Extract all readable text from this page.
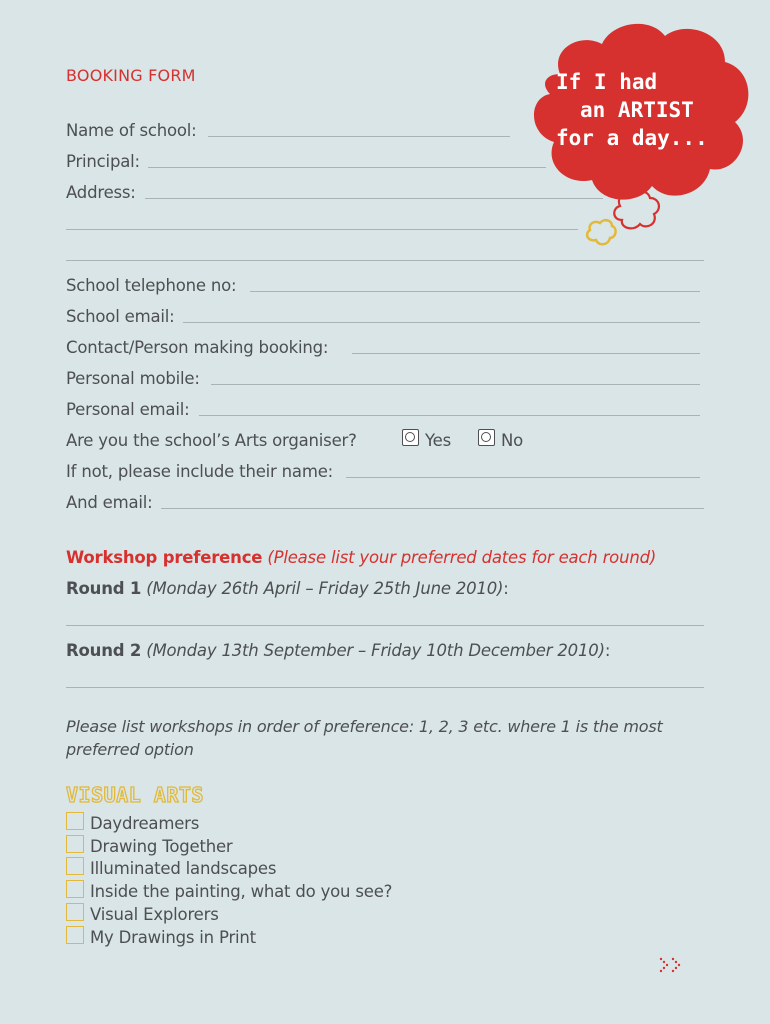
BOOKING FORM	If I had
an ARTIST
for a day...
Name of school:
Principal:
Address:
School telephone no:
School email:
Contact/Person making booking:
Personal mobile:
Personal email:
Are you the school’s Arts organiser?	Yes	No
If not, please include their name:
And email:
Workshop preference (Please list your preferred dates for each round)
Round 1 (Monday 26th April – Friday 25th June 2010):
Round 2 (Monday 13th September – Friday 10th December 2010):
Please list workshops in order of preference: 1, 2, 3 etc. where 1 is the most
preferred option
VISUAL ARTS
Daydreamers
Drawing Together
Illuminated landscapes
Inside the painting, what do you see?
Visual Explorers
My Drawings in Print
